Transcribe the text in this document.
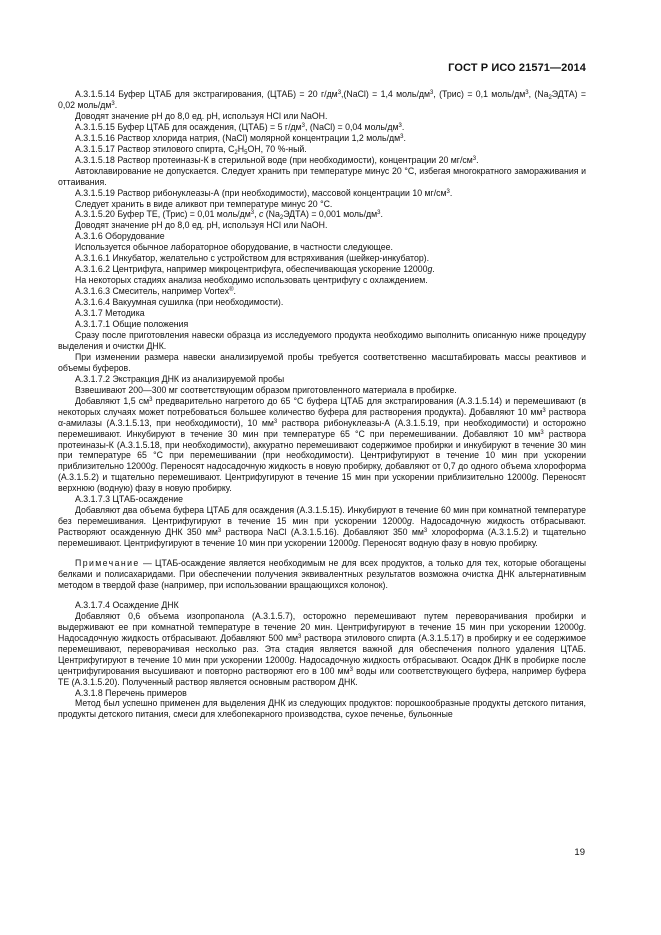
ГОСТ Р ИСО 21571—2014

А.3.1.5.14 Буфер ЦТАБ для экстрагирования, (ЦТАБ) = 20 $г/дм^3,(NaCl) = 1,4$ моль/$дм^3$, (Трис) = 0,1 моль/$дм^3$, $(Na_2ЭДТА) = 0,02$ моль/$дм^3$.

Доводят значение рН до 8,0 ед. рН, используя HCl или NaOH.

А.3.1.5.15 Буфер ЦТАБ для осаждения, (ЦТАБ) = 5 $г/дм^3$, (NaCl) = 0,04 моль/$дм^3$.

А.3.1.5.16 Раствор хлорида натрия, (NaCl) молярной концентрации 1,2 моль/$дм^3$.

А.3.1.5.17 Раствор этилового спирта, $C_2H_5OH$, 70 %-ный.

А.3.1.5.18 Раствор протеиназы-К в стерильной воде (при необходимости), концентрации 20 $мг/см^3$.

Автоклавирование не допускается. Следует хранить при температуре минус 20 °С, избегая многократного замораживания и оттаивания.

А.3.1.5.19 Раствор рибонуклеазы-А (при необходимости), массовой концентрации 10 $мг/см^3$.

Следует хранить в виде аликвот при температуре минус 20 °С.

А.3.1.5.20 Буфер ТЕ, (Трис) = 0,01 моль/$дм^3$, c $(Na_2ЭДТА) = 0,001$ моль/$дм^3$.

Доводят значение рН до 8,0 ед. рН, используя HCl или NaOH.

А.3.1.6 Оборудование

Используется обычное лабораторное оборудование, в частности следующее.

А.3.1.6.1 Инкубатор, желательно с устройством для встряхивания (шейкер-инкубатор).

А.3.1.6.2 Центрифуга, например микроцентрифуга, обеспечивающая ускорение 12000g.

На некоторых стадиях анализа необходимо использовать центрифугу с охлаждением.

А.3.1.6.3 Смеситель, например Vortex®.

А.3.1.6.4 Вакуумная сушилка (при необходимости).

А.3.1.7 Методика

А.3.1.7.1 Общие положения

Сразу после приготовления навески образца из исследуемого продукта необходимо выполнить описанную ниже процедуру выделения и очистки ДНК.

При изменении размера навески анализируемой пробы требуется соответственно масштабировать массы реактивов и объемы буферов.

А.3.1.7.2 Экстракция ДНК из анализируемой пробы

Взвешивают 200—300 мг соответствующим образом приготовленного материала в пробирке.

Добавляют 1,5 $см^3$ предварительно нагретого до 65 °С буфера ЦТАБ для экстрагирования (А.3.1.5.14) и перемешивают (в некоторых случаях может потребоваться большее количество буфера для растворения продукта). Добавляют 10 $мм^3$ раствора α-амилазы (А.3.1.5.13, при необходимости), 10 $мм^3$ раствора рибонуклеазы-А (А.3.1.5.19, при необходимости) и осторожно перемешивают. Инкубируют в течение 30 мин при температуре 65 °С при перемешивании. Добавляют 10 $мм^3$ раствора протеиназы-К (А.3.1.5.18, при необходимости), аккуратно перемешивают содержимое пробирки и инкубируют в течение 30 мин при температуре 65 °С при перемешивании (при необходимости). Центрифугируют в течение 10 мин при ускорении приблизительно 12000g. Переносят надосадочную жидкость в новую пробирку, добавляют от 0,7 до одного объема хлороформа (А.3.1.5.2) и тщательно перемешивают. Центрифугируют в течение 15 мин при ускорении приблизительно 12000g. Переносят верхнюю (водную) фазу в новую пробирку.

А.3.1.7.3 ЦТАБ-осаждение

Добавляют два объема буфера ЦТАБ для осаждения (А.3.1.5.15). Инкубируют в течение 60 мин при комнатной температуре без перемешивания. Центрифугируют в течение 15 мин при ускорении 12000g. Надосадочную жидкость отбрасывают. Растворяют осажденную ДНК 350 $мм^3$ раствора NaCl (А.3.1.5.16). Добавляют 350 $мм^3$ хлороформа (А.3.1.5.2) и тщательно перемешивают. Центрифугируют в течение 10 мин при ускорении 12000g. Переносят водную фазу в новую пробирку.

Примечание — ЦТАБ-осаждение является необходимым не для всех продуктов, а только для тех, которые обогащены белками и полисахаридами. При обеспечении получения эквивалентных результатов возможна очистка ДНК альтернативным методом в твердой фазе (например, при использовании вращающихся колонок).

А.3.1.7.4 Осаждение ДНК

Добавляют 0,6 объема изопропанола (А.3.1.5.7), осторожно перемешивают путем переворачивания пробирки и выдерживают ее при комнатной температуре в течение 20 мин. Центрифугируют в течение 15 мин при ускорении 12000g. Надосадочную жидкость отбрасывают. Добавляют 500 $мм^3$ раствора этилового спирта (А.3.1.5.17) в пробирку и ее содержимое перемешивают, переворачивая несколько раз. Эта стадия является важной для обеспечения полного удаления ЦТАБ. Центрифугируют в течение 10 мин при ускорении 12000g. Надосадочную жидкость отбрасывают. Осадок ДНК в пробирке после центрифугирования высушивают и повторно растворяют его в 100 $мм^3$ воды или соответствующего буфера, например буфера ТЕ (А.3.1.5.20). Полученный раствор является основным раствором ДНК.

А.3.1.8 Перечень примеров

Метод был успешно применен для выделения ДНК из следующих продуктов: порошкообразные продукты детского питания, продукты детского питания, смеси для хлебопекарного производства, сухое печенье, бульонные

19
